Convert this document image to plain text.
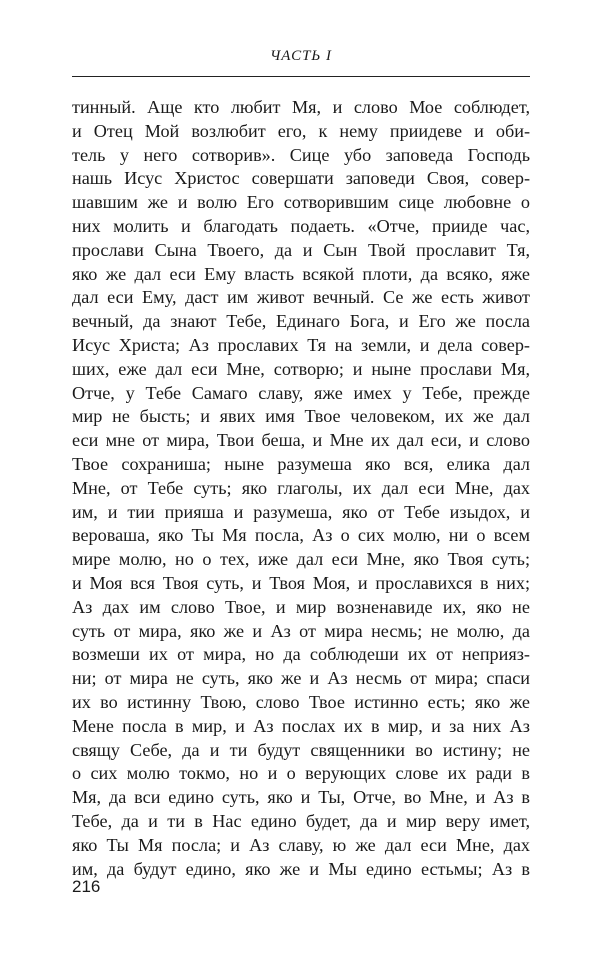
ЧАСТЬ I
тинный. Аще кто любит Мя, и слово Мое соблюдет,
и Отец Мой возлюбит его, к нему приидеве и оби-
тель у него сотворив». Сице убо заповеда Господь
нашь Исус Христос совершати заповеди Своя, совер-
шавшим же и волю Его сотворившим сице любовне о
них молить и благодать подаеть. «Отче, прииде час,
прослави Сына Твоего, да и Сын Твой прославит Тя,
яко же дал еси Ему власть всякой плоти, да всяко, яже
дал еси Ему, даст им живот вечный. Се же есть живот
вечный, да знают Тебе, Единаго Бога, и Его же посла
Исус Христа; Аз прославих Тя на земли, и дела совер-
ших, еже дал еси Мне, сотворю; и ныне прослави Мя,
Отче, у Тебе Самаго славу, яже имех у Тебе, прежде
мир не бысть; и явих имя Твое человеком, их же дал
еси мне от мира, Твои беша, и Мне их дал еси, и слово
Твое сохраниша; ныне разумеша яко вся, елика дал
Мне, от Тебе суть; яко глаголы, их дал еси Мне, дах
им, и тии прияша и разумеша, яко от Тебе изыдох, и
вероваша, яко Ты Мя посла, Аз о сих молю, ни о всем
мире молю, но о тех, иже дал еси Мне, яко Твоя суть;
и Моя вся Твоя суть, и Твоя Моя, и прославихся в них;
Аз дах им слово Твое, и мир возненавиде их, яко не
суть от мира, яко же и Аз от мира несмь; не молю, да
возмеши их от мира, но да соблюдеши их от неприяз-
ни; от мира не суть, яко же и Аз несмь от мира; спаси
их во истинну Твою, слово Твое истинно есть; яко же
Мене посла в мир, и Аз послах их в мир, и за них Аз
свящу Себе, да и ти будут священники во истину; не
о сих молю токмо, но и о верующих слове их ради в
Мя, да вси едино суть, яко и Ты, Отче, во Мне, и Аз в
Тебе, да и ти в Нас едино будет, да и мир веру имет,
яко Ты Мя посла; и Аз славу, ю же дал еси Мне, дах
им, да будут едино, яко же и Мы едино естьмы; Аз в
216
